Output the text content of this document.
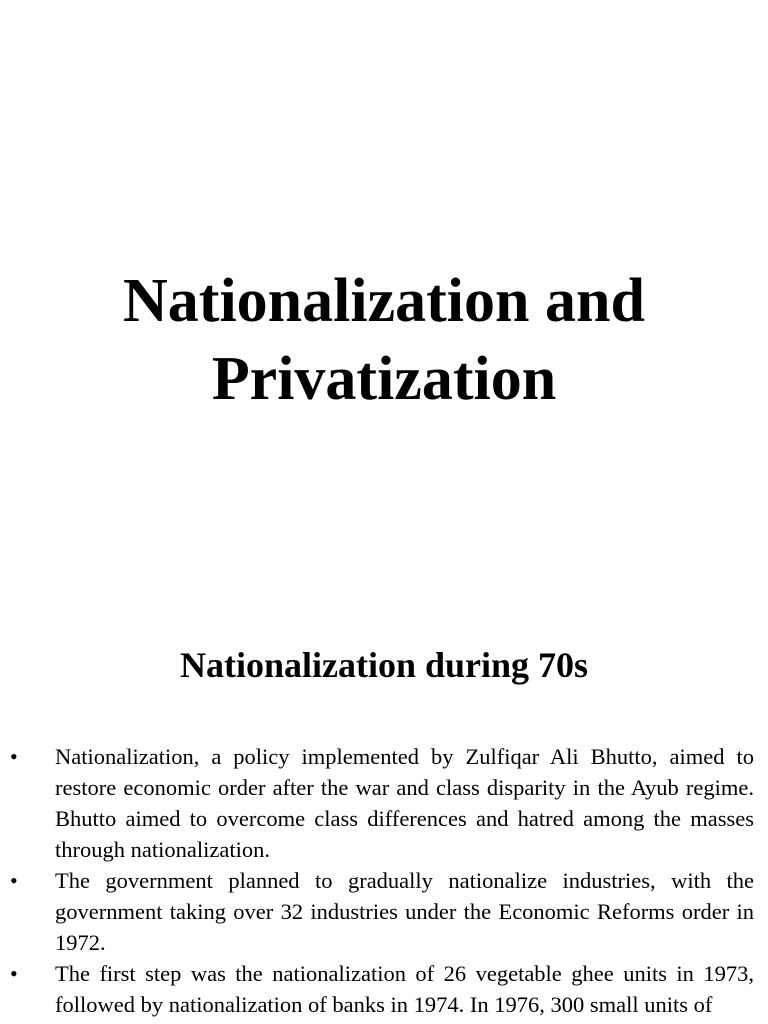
Nationalization and
Privatization
Nationalization during 70s
• Nationalization, a policy implemented by Zulfiqar Ali Bhutto, aimed to restore economic order after the war and class disparity in the Ayub regime. Bhutto aimed to overcome class differences and hatred among the masses through nationalization.
• The government planned to gradually nationalize industries, with the government taking over 32 industries under the Economic Reforms order in 1972.
• The first step was the nationalization of 26 vegetable ghee units in 1973, followed by nationalization of banks in 1974. In 1976, 300 small units of
